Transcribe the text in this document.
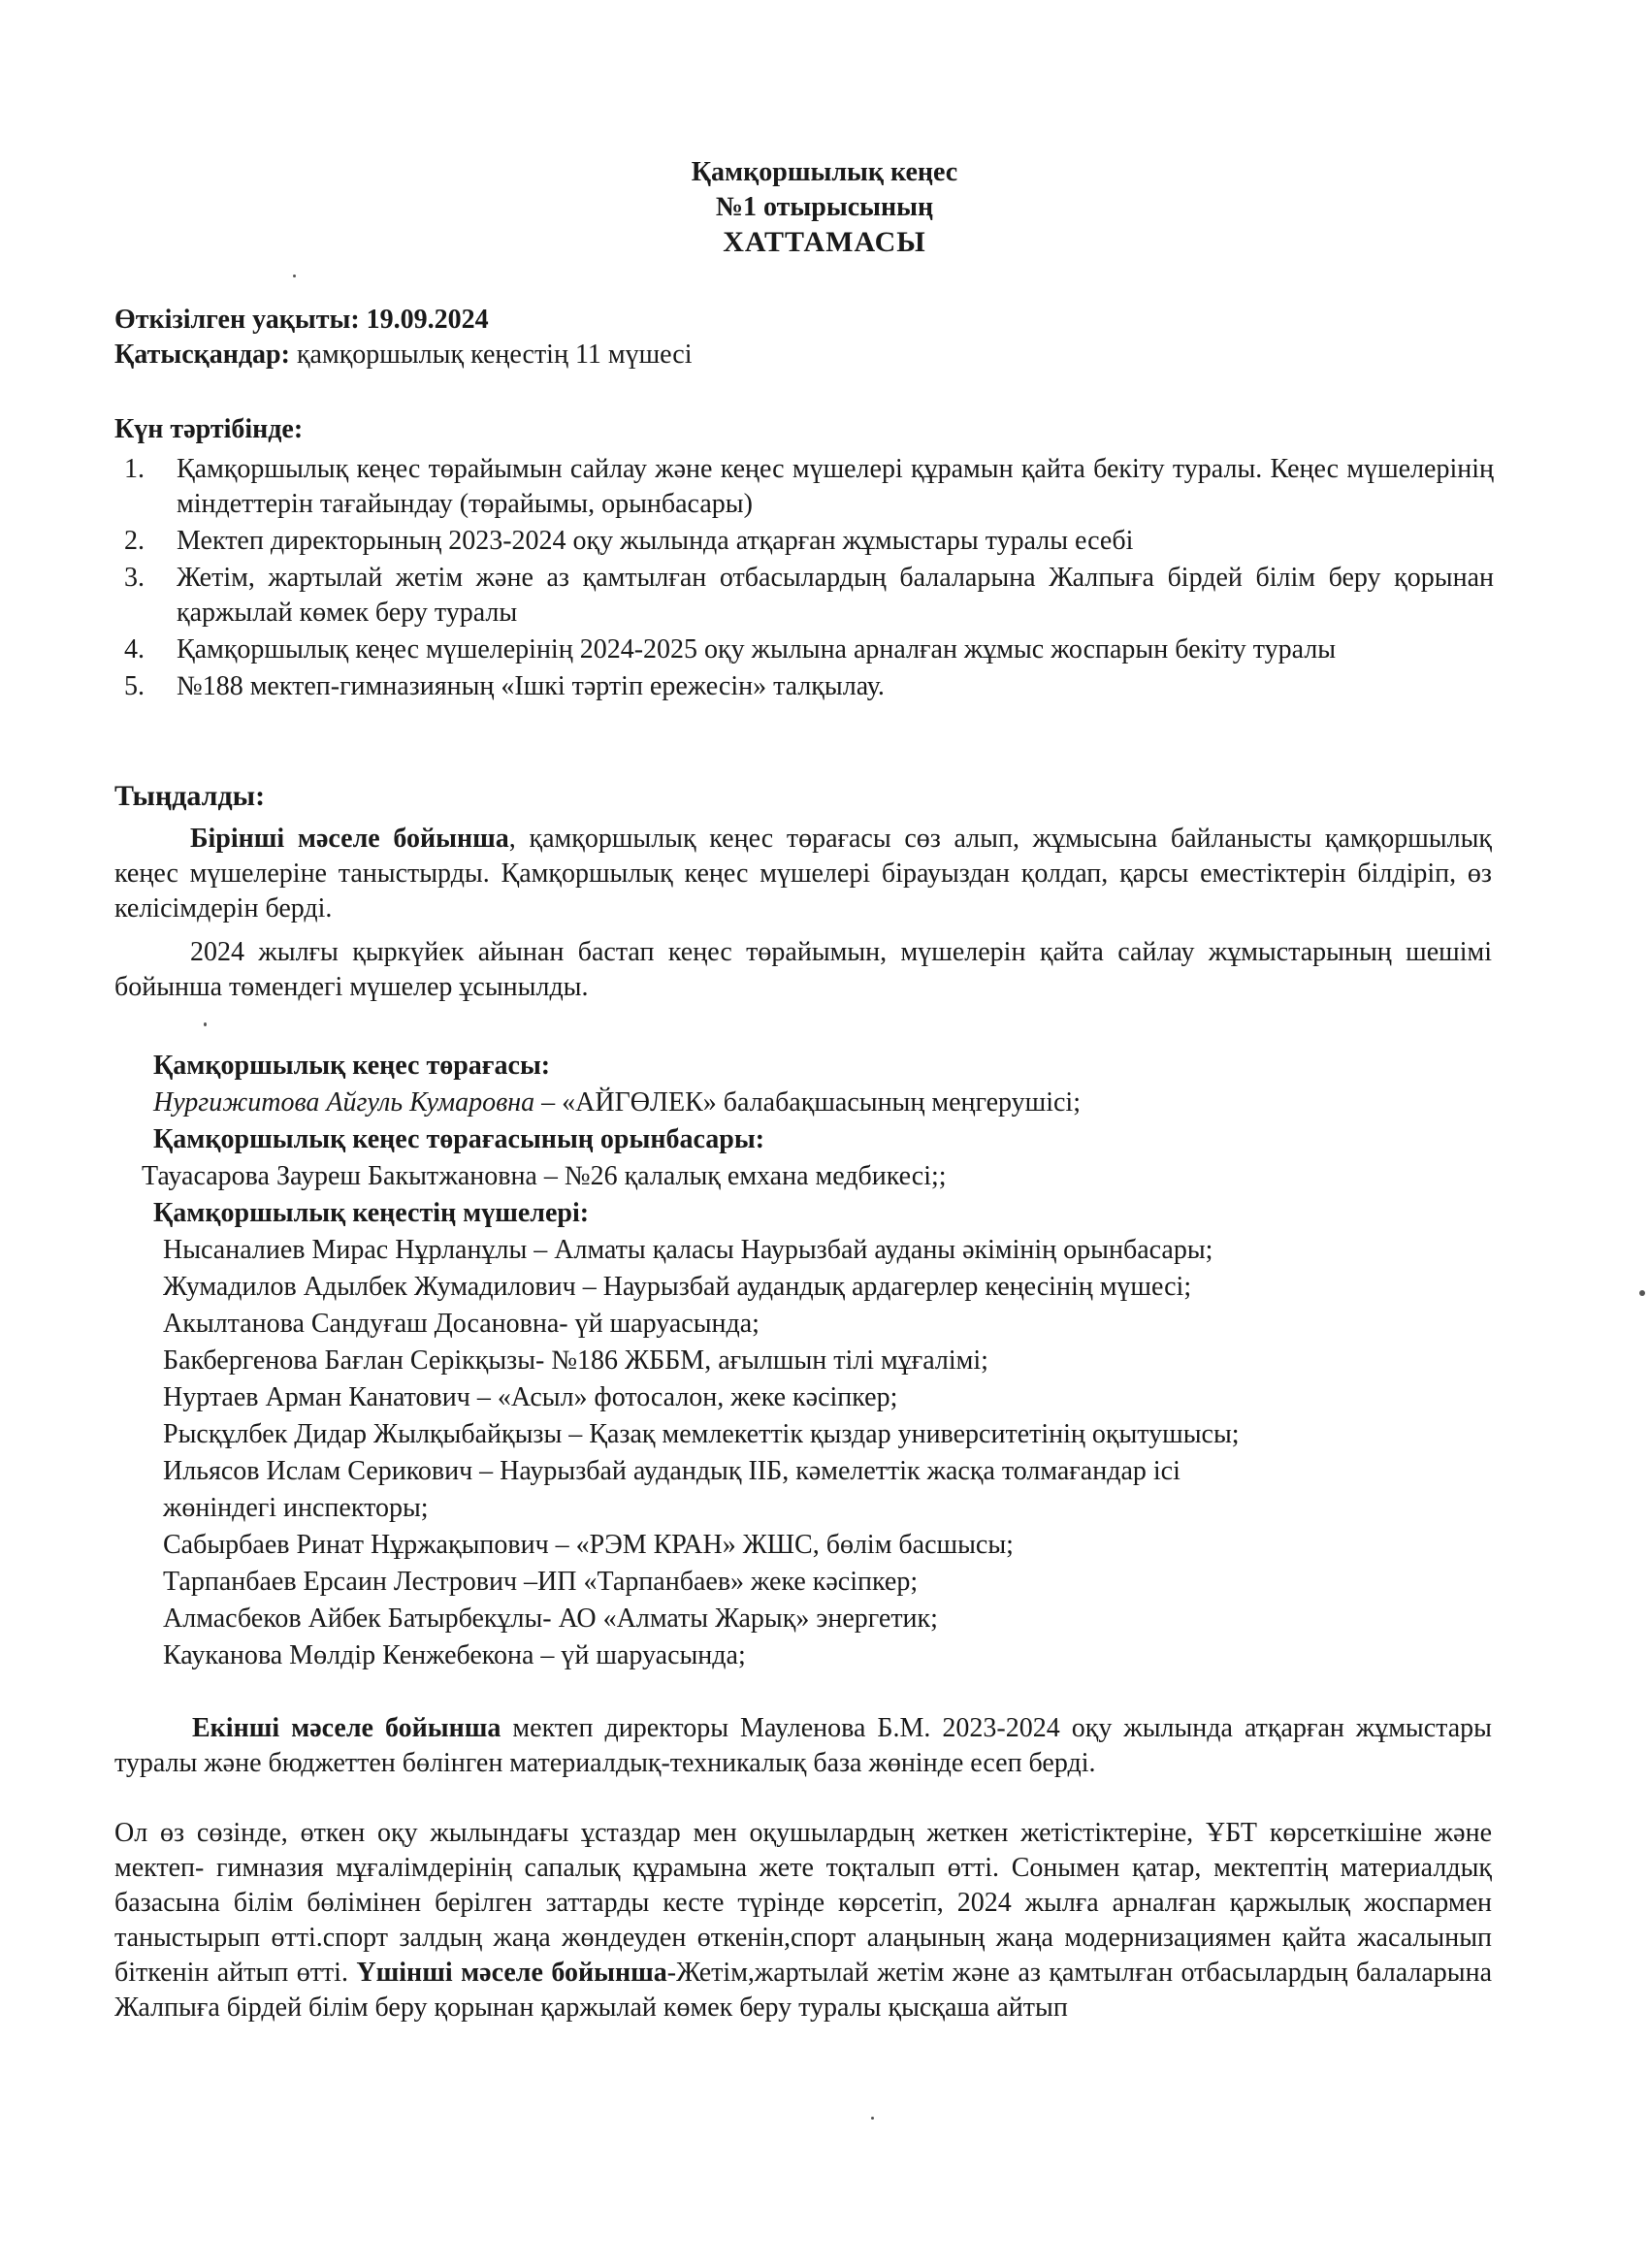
Қамқоршылық кеңес
№1 отырысының
ХАТТАМАСЫ
Өткізілген уақыты: 19.09.2024
Қатысқандар: қамқоршылық кеңестің 11 мүшесі
Күн тәртібінде:
1. Қамқоршылық кеңес төрайымын сайлау және кеңес мүшелері құрамын қайта бекіту туралы. Кеңес мүшелерінің міндеттерін тағайындау (төрайымы, орынбасары)
2. Мектеп директорының 2023-2024 оқу жылында атқарған жұмыстары туралы есебі
3. Жетім, жартылай жетім және аз қамтылған отбасылардың балаларына Жалпыға бірдей білім беру қорынан қаржылай көмек беру туралы
4. Қамқоршылық кеңес мүшелерінің 2024-2025 оқу жылына арналған жұмыс жоспарын бекіту туралы
5. №188 мектеп-гимназияның «Ішкі тәртіп ережесін» талқылау.
Тыңдалды:
Бірінші мәселе бойынша, қамқоршылық кеңес төрағасы сөз алып, жұмысына байланысты қамқоршылық кеңес мүшелеріне таныстырды. Қамқоршылық кеңес мүшелері бірауыздан қолдап, қарсы еместіктерін білдіріп, өз келісімдерін берді.
2024 жылғы қыркүйек айынан бастап кеңес төрайымын, мүшелерін қайта сайлау жұмыстарының шешімі бойынша төмендегі мүшелер ұсынылды.
Қамқоршылық кеңес төрағасы:
Нургижитова Айгуль Кумаровна – «АЙГӨЛЕК» балабақшасының меңгерушісі;
Қамқоршылық кеңес төрағасының орынбасары:
Тауасарова Зауреш Бакытжановна – №26 қалалық емхана медбикесі;;
Қамқоршылық кеңестің мүшелері:
Нысаналиев Мирас Нұрланұлы – Алматы қаласы Наурызбай ауданы әкімінің орынбасары;
Жумадилов Адылбек Жумадилович – Наурызбай аудандық ардагерлер кеңесінің мүшесі;
Акылтанова Сандуғаш Досановна- үй шаруасында;
Бакбергенова Бағлан Серікқызы- №186 ЖББМ, ағылшын тілі мұғалімі;
Нуртаев Арман Канатович – «Асыл» фотосалон, жеке кәсіпкер;
Рысқұлбек Дидар Жылқыбайқызы – Қазақ мемлекеттік қыздар университетінің оқытушысы;
Ильясов Ислам Серикович – Наурызбай аудандық ІІБ, кәмелеттік жасқа толмағандар ісі
жөніндегі инспекторы;
Сабырбаев Ринат Нұржақыпович – «РЭМ КРАН» ЖШС, бөлім басшысы;
Тарпанбаев Ерсаин Лестрович –ИП «Тарпанбаев» жеке кәсіпкер;
Алмасбеков Айбек Батырбекұлы- АО «Алматы Жарық» энергетик;
Кауканова Мөлдір Кенжебекона – үй шаруасында;
Екінші мәселе бойынша мектеп директоры Мауленова Б.М. 2023-2024 оқу жылында атқарған жұмыстары туралы және бюджеттен бөлінген материалдық-техникалық база жөнінде есеп берді.
Ол өз сөзінде, өткен оқу жылындағы ұстаздар мен оқушылардың жеткен жетістіктеріне, ҰБТ көрсеткішіне және мектеп- гимназия мұғалімдерінің сапалық құрамына жете тоқталып өтті. Сонымен қатар, мектептің материалдық базасына білім бөлімінен берілген заттарды кесте түрінде көрсетіп, 2024 жылға арналған қаржылық жоспармен таныстырып өтті.спорт залдың жаңа жөндеуден өткенін,спорт алаңының жаңа модернизациямен қайта жасалынып біткенін айтып өтті. Үшінші мәселе бойынша-Жетім,жартылай жетім және аз қамтылған отбасылардың балаларына Жалпыға бірдей білім беру қорынан қаржылай көмек беру туралы қысқаша айтып
